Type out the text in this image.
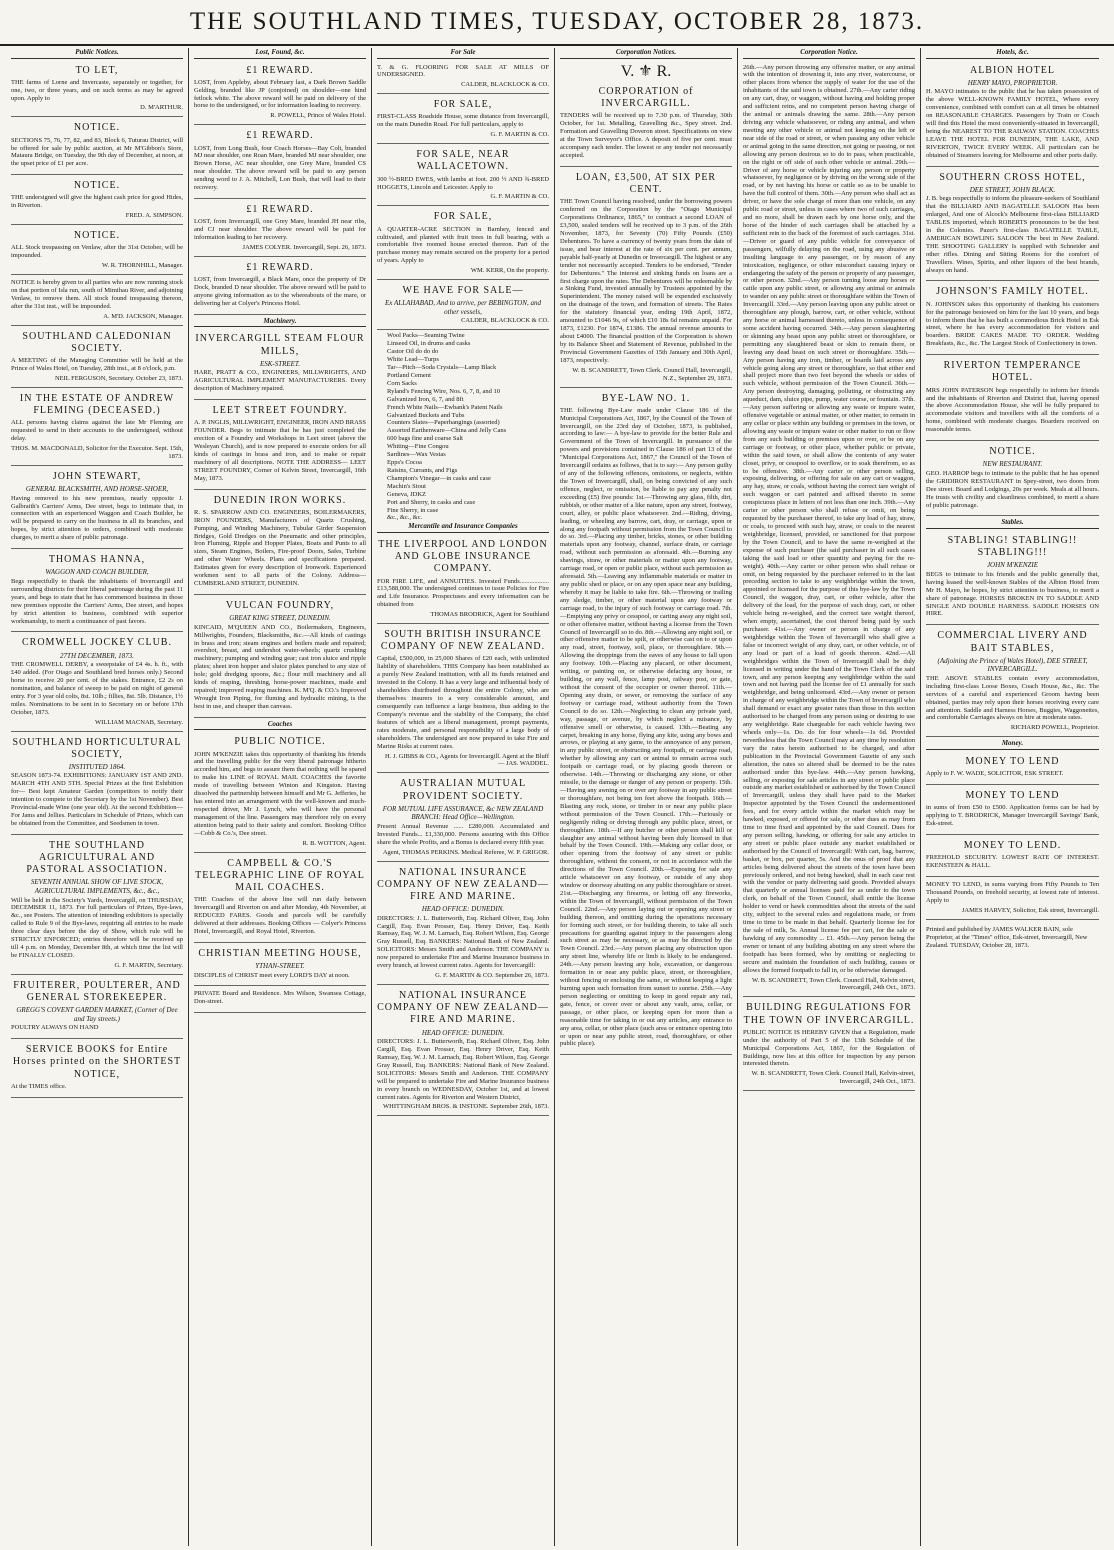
THE SOUTHLAND TIMES, TUESDAY, OCTOBER 28, 1873.
Public Notices.
TO LET,

THE farms of Lorne and Invercaste, separately or together, for one, two, or three years, and on such terms as may be agreed upon. Apply to

D. M'ARTHUR.

NOTICE.

SECTIONS 75, 76, 77, 82, and 83, Block 6, Tuturau District, will be offered for sale by public auction, at Mr M'Gibbon's Store, Mataura Bridge, on Tuesday, the 9th day of December, at noon, at the upset price of £1 per acre.

NOTICE.

THE undersigned will give the highest cash price for good Hides, in Riverton.

FRED. A. SIMPSON.

NOTICE.

ALL Stock trespassing on Venlaw, after the 31st October, will be impounded.

W. R. THORNHILL, Manager.

NOTICE is hereby given to all parties who are now running stock on that portion of Isla run, south of Mimihau River, and adjoining Venlaw, to remove them. All stock found trespassing thereon, after the 31st inst., will be impounded.

A. M'D. JACKSON, Manager.

SOUTHLAND CALEDONIAN SOCIETY.

A MEETING of the Managing Committee will be held at the Prince of Wales Hotel, on Tuesday, 28th inst., at 8 o'clock, p.m.

NEIL FERGUSON, Secretary. October 23, 1873.

IN THE ESTATE OF ANDREW FLEMING (DECEASED.)

ALL persons having claims against the late Mr Fleming are requested to send in their accounts to the undersigned, without delay.

THOS. M. MACDONALD, Solicitor for the Executor. Sept. 15th, 1873.

JOHN STEWART,
GENERAL BLACKSMITH, AND HORSE-SHOER,

Having removed to his new premises, nearly opposite J. Galbraith's Carriers' Arms, Dee street, begs to intimate that, in connection with an experienced Waggon and Coach Builder, he will be prepared to carry on the business in all its branches, and hopes, by strict attention to orders, combined with moderate charges, to merit a share of public patronage.

THOMAS HANNA,
WAGGON AND COACH BUILDER,

Begs respectfully to thank the inhabitants of Invercargill and surrounding districts for their liberal patronage during the past 11 years, and begs to state that he has commenced business in those new premises opposite the Carriers' Arms, Dee street, and hopes by strict attention to business, combined with superior workmanship, to merit a continuance of past favors.

CROMWELL JOCKEY CLUB.
27TH DECEMBER, 1873.

THE CROMWELL DERBY, a sweepstake of £4 4s. h. ft., with £40 added. (For Otago and Southland bred horses only.) Second horse to receive 20 per cent. of the stakes. Entrance, £2 2s on nomination, and balance of sweep to be paid on night of general entry. For 3 year old colts, 8st. 10lb.; fillies, 8st. 5lb. Distance, 1½ miles. Nominations to be sent in to Secretary on or before 17th October, 1873.

WILLIAM MACNAB, Secretary.

SOUTHLAND HORTICULTURAL SOCIETY,
INSTITUTED 1864.

SEASON 1873-74. EXHIBITIONS: JANUARY 1ST AND 2ND. MARCH 4TH AND 5TH. Special Prizes at the first Exhibition for— Best kept Amateur Garden (competitors to notify their intention to compete to the Secretary by the 1st November). Best Provincial-made Wine (one year old). At the second Exhibition— For Jams and Jellies. Particulars in Schedule of Prizes, which can be obtained from the Committee, and Seedsmen in town.

THE SOUTHLAND AGRICULTURAL AND PASTORAL ASSOCIATION.
SEVENTH ANNUAL SHOW OF LIVE STOCK, AGRICULTURAL IMPLEMENTS, &c., &c.,

Will be held in the Society's Yards, Invercargill, on THURSDAY, DECEMBER 11, 1873. For full particulars of Prizes, Bye-laws, &c., see Posters. The attention of intending exhibitors is specially called to Rule 9 of the Bye-laws, requiring all entries to be made three clear days before the day of Show, which rule will be STRICTLY ENFORCED; entries therefore will be received up till 4 p.m. on Monday, December 8th, at which time the list will be FINALLY CLOSED.

G. F. MARTIN, Secretary.

FRUITERER, POULTERER, AND GENERAL STOREKEEPER.
GREGG'S COVENT GARDEN MARKET, (Corner of Dee and Tay streets.)

POULTRY ALWAYS ON HAND

SERVICE BOOKS for Entire Horses printed on the SHORTEST NOTICE,

At the TIMES office.

Lost, Found, &c.
£1 REWARD.

LOST, from Appleby, about February last, a Dark Brown Saddle Gelding, branded like JP (conjoined) on shoulder—one hind fetlock white. The above reward will be paid on delivery of the horse to the undersigned, or for information leading to recovery.

R. POWELL, Prince of Wales Hotel.

£1 REWARD.

LOST, from Long Bush, four Coach Horses—Bay Colt, branded MJ near shoulder, one Roan Mare, branded MJ near shoulder, one Brown Horse, AC near shoulder, one Grey Mare, branded CS near shoulder. The above reward will be paid to any person sending word to J. A. Mitchell, Lon Bush, that will lead to their recovery.

£1 REWARD.

LOST, from Invercargill, one Grey Mare, branded JH near ribs, and CJ near shoulder. The above reward will be paid for information leading to her recovery.

JAMES COLYER. Invercargill, Sept. 26, 1873.

£1 REWARD.

LOST, from Invercargill, a Black Mare, once the property of Dr Dock, branded D near shoulder. The above reward will be paid to anyone giving information as to the whereabouts of the mare, or delivering her at Colyer's Princess Hotel.

Machinery.
INVERCARGILL STEAM FLOUR MILLS,
ESK-STREET.

HARE, PRATT & CO., ENGINEERS, MILLWRIGHTS, AND AGRICULTURAL IMPLEMENT MANUFACTURERS. Every description of Machinery repaired.

LEET STREET FOUNDRY.

A. P. INGLIS, MILLWRIGHT, ENGINEER, IRON AND BRASS FOUNDER. Begs to intimate that he has just completed the erection of a Foundry and Workshops in Leet street (above the Wesleyan Church), and is now prepared to execute orders for all kinds of castings in brass and iron, and to make or repair machinery of all descriptions. NOTE THE ADDRESS— LEET STREET FOUNDRY, Corner of Kelvin Street, Invercargill, 16th May, 1873.

DUNEDIN IRON WORKS.

R. S. SPARROW AND CO. ENGINEERS, BOILERMAKERS, IRON FOUNDERS, Manufacturers of Quartz Crushing, Pumping, and Winding Machinery, Tubular Girder Suspension Bridges, Gold Dredges on the Pneumatic and other principles, Iron Fluming, Ripple and Hopper Plates, Boats and Punts to all sizes, Steam Engines, Boilers, Fire-proof Doors, Safes, Turbine and other Water Wheels. Plans and specifications prepared. Estimates given for every description of Ironwork. Experienced workmen sent to all parts of the Colony. Address— CUMBERLAND STREET, DUNEDIN.

VULCAN FOUNDRY,
GREAT KING STREET, DUNEDIN.

KINCAID, M'QUEEN AND CO., Boilermakers, Engineers, Millwrights, Founders, Blacksmiths, &c.—All kinds of castings in brass and iron; steam engines and boilers made and repaired; overshot, breast, and undershot water-wheels; quartz crushing machinery; pumping and winding gear; cast iron sluice and ripple plates; sheet iron hopper and sluice plates punched to any size of hole; gold dredging spoons, &c.; flour mill machinery and all kinds of reaping, threshing, horse-power machines, made and repaired; improved reaping machines. K. M'Q. & CO.'s Improved Wrought Iron Piping, for fluming and hydraulic mining, is the best in use, and cheaper than canvass.

Coaches
PUBLIC NOTICE.

JOHN M'KENZIE takes this opportunity of thanking his friends and the travelling public for the very liberal patronage hitherto accorded him, and begs to assure them that nothing will be spared to make his LINE of ROYAL MAIL COACHES the favorite mode of travelling between Winton and Kingston. Having dissolved the partnership between himself and Mr G. Jefferies, he has entered into an arrangement with the well-known and much-respected driver, Mr J. Lynch, who will have the personal management of the line. Passengers may therefore rely on every attention being paid to their safety and comfort. Booking Office—Cobb & Co.'s, Dee street.

R. B. WOTTON, Agent.

CAMPBELL & CO.'S TELEGRAPHIC LINE OF ROYAL MAIL COACHES.

THE Coaches of the above line will run daily between Invercargill and Riverton on and after Monday, 4th November, at REDUCED FARES. Goods and parcels will be carefully delivered at their addresses. Booking Offices — Colyer's Princess Hotel, Invercargill, and Royal Hotel, Riverton.

CHRISTIAN MEETING HOUSE,
YTHAN-STREET.

DISCIPLES of CHRIST meet every LORD'S DAY at noon.

PRIVATE Board and Residence. Mrs Wilson, Swansea Cottage, Don-street.

For Sale

T. & G. FLOORING FOR SALE AT MILLS OF UNDERSIGNED.

CALDER, BLACKLOCK & CO.

FOR SALE,

FIRST-CLASS Roadside House, some distance from Invercargill, on the main Dunedin Road. For full particulars, apply to

G. F. MARTIN & CO.

FOR SALE, NEAR WALLACETOWN.

300 ½-BRED EWES, with lambs at foot. 200 ½ AND ¾-BRED HOGGETS, Lincoln and Leicester. Apply to

G. F. MARTIN & CO.

FOR SALE,

A QUARTER-ACRE SECTION in Barnhey, fenced and cultivated, and planted with fruit trees in full bearing, with a comfortable five roomed house erected thereon. Part of the purchase money may remain secured on the property for a period of years. Apply to

WM. KERR, On the property.

WE HAVE FOR SALE—
Ex ALLAHABAD, And to arrive, per BEBINGTON, and other vessels,

CALDER, BLACKLOCK & CO.

Wool Packs—Seaming Twine
Linseed Oil, in drums and casks
Castor Oil do do do
White Lead—Turps
Tar—Pitch—Soda Crystals—Lamp Black
Portland Cement
Corn Sacks
Ryland's Fencing Wire, Nos. 6, 7, 8, and 10
Galvanized Iron, 6, 7, and 8ft
French White Nails—Ewbank's Patent Nails
Galvanized Buckets and Tubs
Counters Slates—Paperhangings (assorted)
Assorted Earthenware—China and Jelly Cans
600 bags fine and coarse Salt
Whiting—Fine Congou
Sardines—Wax Vestas
Epps's Cocoa
Raisins, Currants, and Figs
Champion's Vinegar—in casks and case
Machin's Stout
Geneva, JDKZ
Port and Sherry, in casks and case
Fine Sherry, in case
&c., &c., &c.
Mercantile and Insurance Companies
THE LIVERPOOL AND LONDON AND GLOBE INSURANCE COMPANY.

FOR FIRE LIFE, and ANNUITIES. Invested Funds..................£13,588,000. The undersigned continues to issue Policies for Fire and Life Insurance. Prospectuses and every information can be obtained from

THOMAS BRODRICK, Agent for Southland

SOUTH BRITISH INSURANCE COMPANY OF NEW ZEALAND.

Capital, £500,000, in 25,000 Shares of £20 each, with unlimited liability of shareholders. THIS Company has been established as a purely New Zealand institution, with all its funds retained and invested in the Colony. It has a very large and influential body of shareholders distributed throughout the entire Colony, who are themselves insurers to a very considerable amount, and consequently can influence a large business, thus adding to the Company's revenue and the stability of the Company, the chief features of which are a liberal management, prompt payments, rates moderate, and personal responsibility of a large body of shareholders. The undersigned are now prepared to take Fire and Marine Risks at current rates.

H. J. GIBBS & CO., Agents for Invercargill. Agent at the Bluff — JAS. WADDEL.

AUSTRALIAN MUTUAL PROVIDENT SOCIETY.
FOR MUTUAL LIFE ASSURANCE, &c NEW ZEALAND BRANCH: Head Office—Wellington.

Present Annual Revenue ...... £280,000. Accumulated and Invested Funds... £1,330,000. Persons assuring with this Office share the whole Profits, and a Bonus is declared every fifth year.

Agent, THOMAS PERKINS. Medical Referee, W. P. GRIGOR.

NATIONAL INSURANCE COMPANY OF NEW ZEALAND—FIRE AND MARINE.
HEAD OFFICE: DUNEDIN.

DIRECTORS: J. L. Butterworth, Esq. Richard Oliver, Esq. John Cargill, Esq. Evan Prosser, Esq. Henry Driver, Esq. Keith Ramsay, Esq. W. J. M. Larnach, Esq. Robert Wilson, Esq. George Gray Russell, Esq. BANKERS: National Bank of New Zealand. SOLICITORS: Messrs Smith and Anderson. THE COMPANY is now prepared to undertake Fire and Marine Insurance business in every branch, at lowest current rates. Agents for Invercargill:

G. F. MARTIN & CO. September 26, 1873.

NATIONAL INSURANCE COMPANY OF NEW ZEALAND—FIRE AND MARINE.
HEAD OFFICE: DUNEDIN.

DIRECTORS: J. L. Butterworth, Esq. Richard Oliver, Esq. John Cargill, Esq. Evan Prosser, Esq. Henry Driver, Esq. Keith Ramsay, Esq. W. J. M. Larnach, Esq. Robert Wilson, Esq. George Gray Russell, Esq. BANKERS: National Bank of New Zealand. SOLICITORS: Messrs Smith and Anderson. THE COMPANY will be prepared to undertake Fire and Marine Insurance business in every branch on WEDNESDAY, October 1st, and at lowest current rates. Agents for Riverton and Western District,

WHITTINGHAM BROS. & INSTONE. September 26th, 1873.

Corporation Notices.
V. ⚜ R.
CORPORATION of INVERCARGILL.

TENDERS will be received up to 7.30 p.m. of Thursday, 30th October, for 1st. Metalling, Gravelling &c., Spey street. 2nd. Formation and Gravelling Doveron street. Specifications on view at the Town Surveyor's Office. A deposit of five per cent. must accompany each tender. The lowest or any tender not necessarily accepted.

LOAN, £3,500, AT SIX PER CENT.

THE Town Council having resolved, under the borrowing powers conferred on the Corporation by the "Otago Municipal Corporations Ordinance, 1865," to contract a second LOAN of £3,500, sealed tenders will be received up to 3 p.m. of the 26th November, 1873, for Seventy (70) Fifty Pounds (£50) Debentures. To have a currency of twenty years from the date of issue, and bear interest at the rate of six per cent. per annum, payable half-yearly at Dunedin or Invercargill. The highest or any tender not necessarily accepted. Tenders to be endorsed, "Tender for Debentures." The interest and sinking funds on loans are a first charge upon the rates. The Debentures will be redeemable by a Sinking Fund, invested annually by Trustees appointed by the Superintendent. The money raised will be expended exclusively on the drainage of the town, and formation of streets. The Rates for the statutory financial year, ending 19th April, 1872, amounted to £1046 9s, of which £10 18s 6d remains unpaid. For 1873, £1230. For 1874, £1386. The annual revenue amounts to about £4000. The financial position of the Corporation is shown by its Balance Sheet and Statement of Revenue, published in the Provincial Government Gazettes of 15th January and 30th April, 1873, respectively.

W. B. SCANDRETT, Town Clerk. Council Hall, Invercargill, N.Z., September 29, 1873.

BYE-LAW NO. 1.

THE following Bye-Law made under Clause 186 of the Municipal Corporations Act, 1867, by the Council of the Town of Invercargill, on the 23rd day of October, 1873, is published, according to law:— A bye-law to provide for the better Rule and Government of the Town of Invercargill. In pursuance of the powers and provisions contained in Clause 186 of part 13 of the "Municipal Corporations Act, 1867," the Council of the Town of Invercargill ordains as follows, that is to say:— Any person guilty of any of the following offences, omissions, or neglects, within the Town of Invercargill, shall, on being convicted of any such offence, neglect, or omission, be liable to pay any penalty not exceeding (£5) five pounds: 1st.—Throwing any glass, filth, dirt, rubbish, or other matter of a like nature, upon any street, footway, court, alley, or public place whatsoever. 2nd.—Riding, driving, leading, or wheeling any barrow, cart, dray, or carriage, upon or along any footpath without permission from the Town Council to do so. 3rd.—Placing any timber, bricks, stones, or other building materials upon any footway, channel, surface drain, or carriage road, without such permission as aforesaid. 4th.—Burning any shavings, straw, or other materials or matter upon any footway, carriage road, or open or public place, without such permission as aforesaid. 5th.—Leaving any inflammable materials or matter in any public shed or place, or on any open space near any building, whereby it may be liable to take fire. 6th.—Throwing or trailing any sledge, timber, or other material upon any footway or carriage road, to the injury of such footway or carriage road. 7th.—Emptying any privy or cesspool, or carting away any night soil, or other offensive matter, without having a license from the Town Council of Invercargill so to do. 8th.—Allowing any night soil, or other offensive matter to be spilt, or otherwise cast on to or upon any road, street, footway, soil, place, or thoroughfare. 9th.—Allowing the droppings from the eaves of any house to fall upon any footway. 10th.—Placing any placard, or other document, writing, or painting on, or otherwise defacing any house, or building, or any wall, fence, lamp post, railway post, or gate, without the consent of the occupier or owner thereof. 11th.—Opening any drain, or sewer, or removing the surface of any footway or carriage road, without authority from the Town Council to do so. 12th.—Neglecting to clean any private yard, way, passage, or avenue, by which neglect a nuisance, by offensive smell or otherwise, is caused. 13th.—Beating any carpet, breaking in any horse, flying any kite, using any bows and arrows, or playing at any game, to the annoyance of any person, in any public street, or obstructing any footpath, or carriage road, whether by allowing any cart or animal to remain across such footpath or carriage road, or by placing goods thereon or otherwise. 14th.—Throwing or discharging any stone, or other missile, to the damage or danger of any person or property. 15th.—Having any awning on or over any footway in any public street or thoroughfare, not being ten feet above the footpath. 16th.—Blasting any rock, stone, or timber in or near any public place without permission of the Town Council. 17th.—Furiously or negligently riding or driving through any public place, street, or thoroughfare. 18th.—If any butcher or other person shall kill or slaughter any animal without having been duly licensed in that behalf by the Town Council. 19th.—Making any cellar door, or other opening from the footway of any street or public thoroughfare, without the consent, or not in accordance with the directions of the Town Council. 20th.—Exposing for sale any article whatsoever on any footway, or outside of any shop window or doorway abutting on any public thoroughfare or street. 21st.—Discharging any firearms, or letting off any fireworks, within the Town of Invercargill, without permission of the Town Council. 22nd.—Any person laying out or opening any street or building thereon, and omitting during the operations necessary for forming such street, or for building therein, to take all such precautions for guarding against injury to the passengers along such street as may be necessary, or as may be directed by the Town Council. 23rd.—Any person placing any obstruction upon any street line, whereby life or limb is likely to be endangered. 24th.—Any person leaving any hole, excavation, or dangerous formation in or near any public place, street, or thoroughfare, without fencing or enclosing the same, or without keeping a light burning upon such formation from sunset to sunrise. 25th.—Any person neglecting or omitting to keep in good repair any rail, gate, fence, or cover over or about any vault, area, cellar, or passage, or other place, or keeping open for more than a reasonable time for taking in or out any articles, any entrance to any area, cellar, or other place (such area or entrance opening into or upon or near any public street, road, thoroughfare, or other public place).

Corporation Notice.

26th.—Any person throwing any offensive matter, or any animal with the intention of drowning it, into any river, watercourse, or other places from whence the supply of water for the use of the inhabitants of the said town is obtained. 27th.—Any carter riding on any cart, dray, or waggon, without having and holding proper and sufficient reins, and no competent person having charge of the animal or animals drawing the same. 28th.—Any person driving any vehicle whatsoever, or riding any animal, and when meeting any other vehicle or animal not keeping on the left or near side of the road or street, or when passing any other vehicle or animal going in the same direction, not going or passing, or not allowing any person desirous so to do to pass, when practicable, on the right or off side of such other vehicle or animal. 29th.—Driver of any horse or vehicle injuring any person or property whatsoever, by negligence or by driving on the wrong side of the road, or by not having his horse or cattle so as to be unable to have the full control of them. 30th.—Any person who shall act as driver, or have the sole charge of more than one vehicle, on any public road or street, unless in cases where two of such carriages, and no more, shall be drawn each by one horse only, and the horse of the hinder of such carriages shall be attached by a sufficient rein to the back of the foremost of such carriages. 31st.—Driver or guard of any public vehicle for conveyance of passengers, wilfully delaying on the road, using any abusive or insulting language to any passenger, or by reason of any intoxication, negligence, or other misconduct causing injury or endangering the safety of the person or property of any passenger, or other person. 32nd.—Any person turning loose any horses or cattle upon any public street, or allowing any animal or animals to wander on any public street or thoroughfare within the Town of Invercargill. 33rd.—Any person leaving upon any public street or thoroughfare any plough, harrow, cart, or other vehicle, without any horse or animal harnessed thereto, unless in consequence of some accident having occurred. 34th.—Any person slaughtering or skinning any beast upon any public street or thoroughfare, or permitting any slaughtered beast or skin to remain there, or leaving any dead beast on such street or thoroughfare. 35th.—Any person having any iron, timber, or boards laid across any vehicle going along any street or thoroughfare, so that either end shall project more than two feet beyond the wheels or sides of such vehicle, without permission of the Town Council. 36th.—Any person destroying, damaging, polluting, or obstructing any aqueduct, dam, sluice pipe, pump, water course, or fountain. 37th.—Any person suffering or allowing any waste or impure water, offensive vegetable or animal matter, or other matter, to remain in any cellar or place within any building or premises in the town, or allowing any waste or impure water or other matter to run or flow from any such building or premises upon or over, or be on any carriage or footway, or other place, whether public or private, within the said town, or shall allow the contents of any water closet, privy, or cesspool to overflow, or to soak therefrom, so as to be offensive. 38th.—Any carter or other person selling, exposing, delivering, or offering for sale on any cart or waggon, any hay, straw, or coals, without having the correct tare weight of such waggon or cart painted and affixed thereto in some conspicuous place in letters of not less than one inch. 39th.—Any carter or other person who shall refuse or omit, on being requested by the purchaser thereof, to take any load of hay, straw, or coals, to proceed with such hay, straw, or coals to the nearest weighbridge, licensed, provided, or sanctioned for that purpose by the Town Council, and to have the same re-weighed at the expense of such purchaser (the said purchaser in all such cases taking the said load or other quantity and paying for the re-weight). 40th.—Any carter or other person who shall refuse or omit, on being requested by the purchaser referred to in the last preceding section to take to any weighbridge within the town, appointed or licensed for the purpose of this bye-law by the Town Council, the waggon, dray, cart, or other vehicle, after the delivery of the load, for the purpose of such dray, cart, or other vehicle being re-weighed, and the correct tare weight thereof, when empty, ascertained, the cost thereof being paid by such purchaser. 41st.—Any owner or person in charge of any weighbridge within the Town of Invercargill who shall give a false or incorrect weight of any dray, cart, or other vehicle, or of any load or part of a load of goods thereon. 42nd.—All weighbridges within the Town of Invercargill shall be duly licensed in writing under the hand of the Town Clerk of the said town, and any person keeping any weighbridge within the said town and not having paid the license fee of £1 annually for such weighbridge, and being unlicensed. 43rd.—Any owner or person in charge of any weighbridge within the Town of Invercargill who shall demand or exact any greater rates than those in this section authorised to be charged from any person using or desiring to use any weighbridge. Rate chargeable for each vehicle having two wheels only—1s. Do. do for four wheels—1s 6d. Provided nevertheless that the Town Council may at any time by resolution vary the rates herein authorised to be charged, and after publication in the Provincial Government Gazette of any such alteration, the rates so altered shall be deemed to be the rates authorised under this bye-law. 44th.—Any person hawking, selling, or exposing for sale articles in any street or public place outside any market established or authorised by the Town Council of Invercargill, unless they shall have paid to the Market Inspector appointed by the Town Council the undermentioned fees, and for every article within the market which may be hawked, exposed, or offered for sale, or other dues as may from time to time fixed and appointed by the said Council. Dues for any person selling, hawking, or offering for sale any articles in any street or public place outside any market established or authorised by the Council of Invercargill: With cart, bag, barrow, basket, or box, per quarter, 5s. And the onus of proof that any articles being delivered about the streets of the town have been previously ordered, and not being hawked, shall in each case rest with the vendor or party delivering said goods. Provided always that quarterly or annual licenses paid for as under to the town clerk, on behalf of the Town Council, shall entitle the license holder to vend or hawk commodities about the streets of the said city, subject to the several rules and regulations made, or from time to time to be made in that behalf. Quarterly license fee for the sale of milk, 5s. Annual license fee per cart, for the sale or hawking of any commodity ... £1. 45th.—Any person being the owner or tenant of any building abutting on any street where the footpath has been formed, who by omitting or neglecting to secure and maintain the foundation of such building, causes or allows the formed footpath to fall in, or be otherwise damaged.

W. B. SCANDRETT, Town Clerk. Council Hall, Kelvin street, Invercargill, 24th Oct., 1873.

BUILDING REGULATIONS FOR THE TOWN OF INVERCARGILL.

PUBLIC NOTICE IS HEREBY GIVEN that a Regulation, made under the authority of Part 5 of the 13th Schedule of the Municipal Corporations Act, 1867, for the Regulation of Buildings, now lies at this office for inspection by any person interested therein.

W. B. SCANDRETT, Town Clerk. Council Hall, Kelvin-street, Invercargill, 24th Oct., 1873.

Hotels, &c.
ALBION HOTEL
HENRY MAYO, PROPRIETOR.

H. MAYO intimates to the public that he has taken possession of the above WELL-KNOWN FAMILY HOTEL, Where every convenience, combined with comfort can at all times be obtained on REASONABLE CHARGES. Passengers by Train or Coach will find this Hotel the most conveniently-situated in Invercargill, being the NEAREST TO THE RAILWAY STATION. COACHES LEAVE THE HOTEL FOR DUNEDIN, THE LAKE, AND RIVERTON, TWICE EVERY WEEK. All particulars can be obtained of Steamers leaving for Melbourne and other ports daily.

SOUTHERN CROSS HOTEL,
DEE STREET, JOHN BLACK.

J. B. begs respectfully to inform the pleasure-seekers of Southland that the BILLIARD AND BAGATELLE SALOON Has been enlarged, And one of Alcock's Melbourne first-class BILLIARD TABLES imported, which ROBERTS pronounces to be the best in the Colonies. Pazer's first-class BAGATELLE TABLE, AMERICAN BOWLING SALOON The best in New Zealand. THE SHOOTING GALLERY Is supplied with Schneider and other rifles. Dining and Sitting Rooms for the comfort of Travellers. Wines, Spirits, and other liquors of the best brands, always on hand.

JOHNSON'S FAMILY HOTEL.

N. JOHNSON takes this opportunity of thanking his customers for the patronage bestowed on him for the last 10 years, and begs to inform them that he has built a commodious Brick Hotel in Esk street, where he has every accommodation for visitors and boarders. BRIDE CAKES MADE TO ORDER. Wedding Breakfasts, &c., &c. The Largest Stock of Confectionery in town.

RIVERTON TEMPERANCE HOTEL.

MRS JOHN PATERSON begs respectfully to inform her friends and the inhabitants of Riverton and District that, having opened the above Accommodation House, she will be fully prepared to accommodate visitors and travellers with all the comforts of a home, combined with moderate charges. Boarders received on reasonable terms.

NOTICE.
NEW RESTAURANT.

GEO. HARROP begs to intimate to the public that he has opened the GRIDIRON RESTAURANT in Spey-street, two doors from Dee street. Board and Lodgings, 20s per week. Meals at all hours. He trusts with civility and cleanliness combined, to merit a share of public patronage.

Stables.
STABLING! STABLING!! STABLING!!!
JOHN M'KENZIE

BEGS to intimate to his friends and the public generally that, having leased the well-known Stables of the Albion Hotel from Mr H. Mayo, he hopes, by strict attention to business, to merit a share of patronage. HORSES BROKEN IN TO SADDLE AND SINGLE AND DOUBLE HARNESS. SADDLE HORSES ON HIRE.

COMMERCIAL LIVERY AND BAIT STABLES,
(Adjoining the Prince of Wales Hotel), DEE STREET, INVERCARGILL.

THE ABOVE STABLES contain every accommodation, including first-class Loose Boxes, Coach House, &c., &c. The services of a careful and experienced Groom having been obtained, parties may rely upon their horses receiving every care and attention. Saddle and Harness Horses, Buggies, Waggonettes, and comfortable Carriages always on hire at moderate rates.

RICHARD POWELL, Proprietor.

Money.
MONEY TO LEND

Apply to F. W. WADE, SOLICITOR, ESK STREET.

MONEY TO LEND

in sums of from £50 to £500. Application forms can be had by applying to T. BRODRICK, Manager Invercargill Savings' Bank, Esk-street.

MONEY TO LEND.

FREEHOLD SECURITY. LOWEST RATE OF INTEREST. EKENSTEEN & HALL.

MONEY TO LEND, in sums varying from Fifty Pounds to Ten Thousand Pounds, on freehold security, at lowest rate of interest. Apply to

JAMES HARVEY, Solicitor, Esk street, Invercargill.

Printed and published by JAMES WALKER BAIN, sole Proprietor, at the "Times" office, Esk-street, Invercargill, New Zealand. TUESDAY, October 28, 1873.
